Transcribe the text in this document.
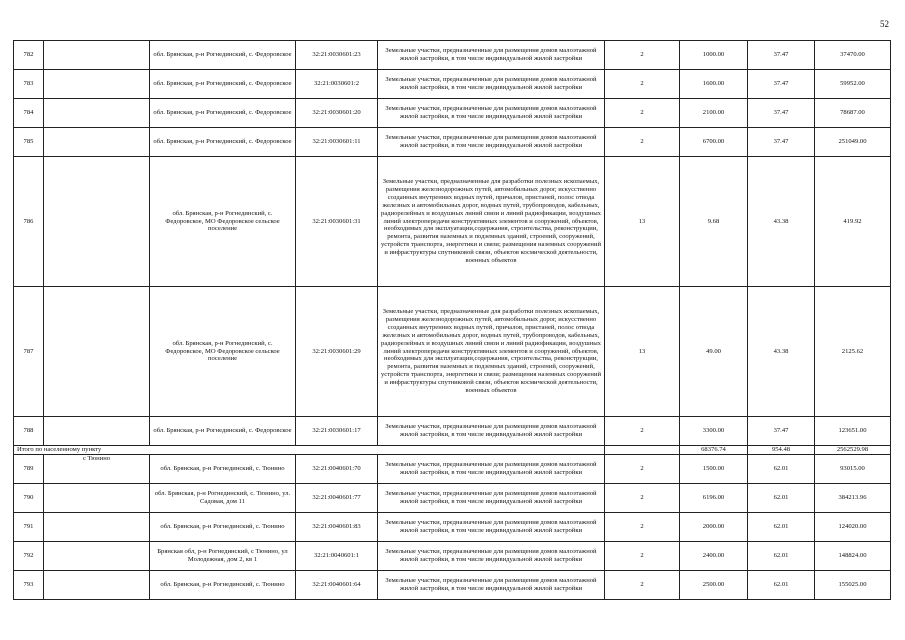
52
782		обл. Брянская, р-н Рогнединский, с. Федоровское	32:21:0030601:23	Земельные участки, предназначенные для размещения домов малоэтажной жилой застройки, в том числе индивидуальной жилой застройки	2	1000.00	37.47	37470.00
783		обл. Брянская, р-н Рогнединский, с. Федоровское	32:21:0030601:2	Земельные участки, предназначенные для размещения домов малоэтажной жилой застройки, в том числе индивидуальной жилой застройки	2	1600.00	37.47	59952.00
784		обл. Брянская, р-н Рогнединский, с. Федоровское	32:21:0030601:20	Земельные участки, предназначенные для размещения домов малоэтажной жилой застройки, в том числе индивидуальной жилой застройки	2	2100.00	37.47	78687.00
785		обл. Брянская, р-н Рогнединский, с. Федоровское	32:21:0030601:11	Земельные участки, предназначенные для размещения домов малоэтажной жилой застройки, в том числе индивидуальной жилой застройки	2	6700.00	37.47	251049.00
786		обл. Брянская, р-н Рогнединский, с. Федоровское, МО Федоровское сельское поселение	32:21:0030601:31	Земельные участки, предназначенные для разработки полезных ископаемых, размещения железнодорожных путей, автомобильных дорог, искусственно созданных внутренних водных путей, причалов, пристаней, полос отвода железных и автомобильных дорог, водных путей, трубопроводов, кабельных, радиорелейных и воздушных линий связи и линий радиофикации, воздушных линий электропередачи конструктивных элементов и сооружений, объектов, необходимых для эксплуатации,содержания, строительства, реконструкции, ремонта, развития наземных и подземных зданий, строений, сооружений, устройств транспорта, энергетики и связи; размещения наземных сооружений и инфраструктуры спутниковой связи, объектов космической деятельности, военных объектов	13	9.68	43.38	419.92
787		обл. Брянская, р-н Рогнединский, с. Федоровское, МО Федоровское сельское поселение	32:21:0030601:29	Земельные участки, предназначенные для разработки полезных ископаемых, размещения железнодорожных путей, автомобильных дорог, искусственно созданных внутренних водных путей, причалов, пристаней, полос отвода железных и автомобильных дорог, водных путей, трубопроводов, кабельных, радиорелейных и воздушных линий связи и линий радиофикации, воздушных линий электропередачи конструктивных элементов и сооружений, объектов, необходимых для эксплуатации,содержания, строительства, реконструкции, ремонта, развития наземных и подземных зданий, строений, сооружений, устройств транспорта, энергетики и связи; размещения наземных сооружений и инфраструктуры спутниковой связи, объектов космической деятельности, военных объектов	13	49.00	43.38	2125.62
788		обл. Брянская, р-н Рогнединский, с. Федоровское	32:21:0030601:17	Земельные участки, предназначенные для размещения домов малоэтажной жилой застройки, в том числе индивидуальной жилой застройки	2	3300.00	37.47	123651.00
Итого по населенному пункту						68376.74	954.48	2562529.98
789	с Тюнино	обл. Брянская, р-н Рогнединский, с. Тюнино	32:21:0040601:70	Земельные участки, предназначенные для размещения домов малоэтажной жилой застройки, в том числе индивидуальной жилой застройки	2	1500.00	62.01	93015.00
790		обл. Брянская, р-н Рогнединский, с. Тюнино, ул. Садовая, дом 11	32:21:0040601:77	Земельные участки, предназначенные для размещения домов малоэтажной жилой застройки, в том числе индивидуальной жилой застройки	2	6196.00	62.01	384213.96
791		обл. Брянская, р-н Рогнединский, с. Тюнино	32:21:0040601:83	Земельные участки, предназначенные для размещения домов малоэтажной жилой застройки, в том числе индивидуальной жилой застройки	2	2000.00	62.01	124020.00
792		Брянская обл, р-н Рогнединский, с Тюнино, ул Молодежная, дом 2, кв 1	32:21:0040601:1	Земельные участки, предназначенные для размещения домов малоэтажной жилой застройки, в том числе индивидуальной жилой застройки	2	2400.00	62.01	148824.00
793		обл. Брянская, р-н Рогнединский, с. Тюнино	32:21:0040601:64	Земельные участки, предназначенные для размещения домов малоэтажной жилой застройки, в том числе индивидуальной жилой застройки	2	2500.00	62.01	155025.00
